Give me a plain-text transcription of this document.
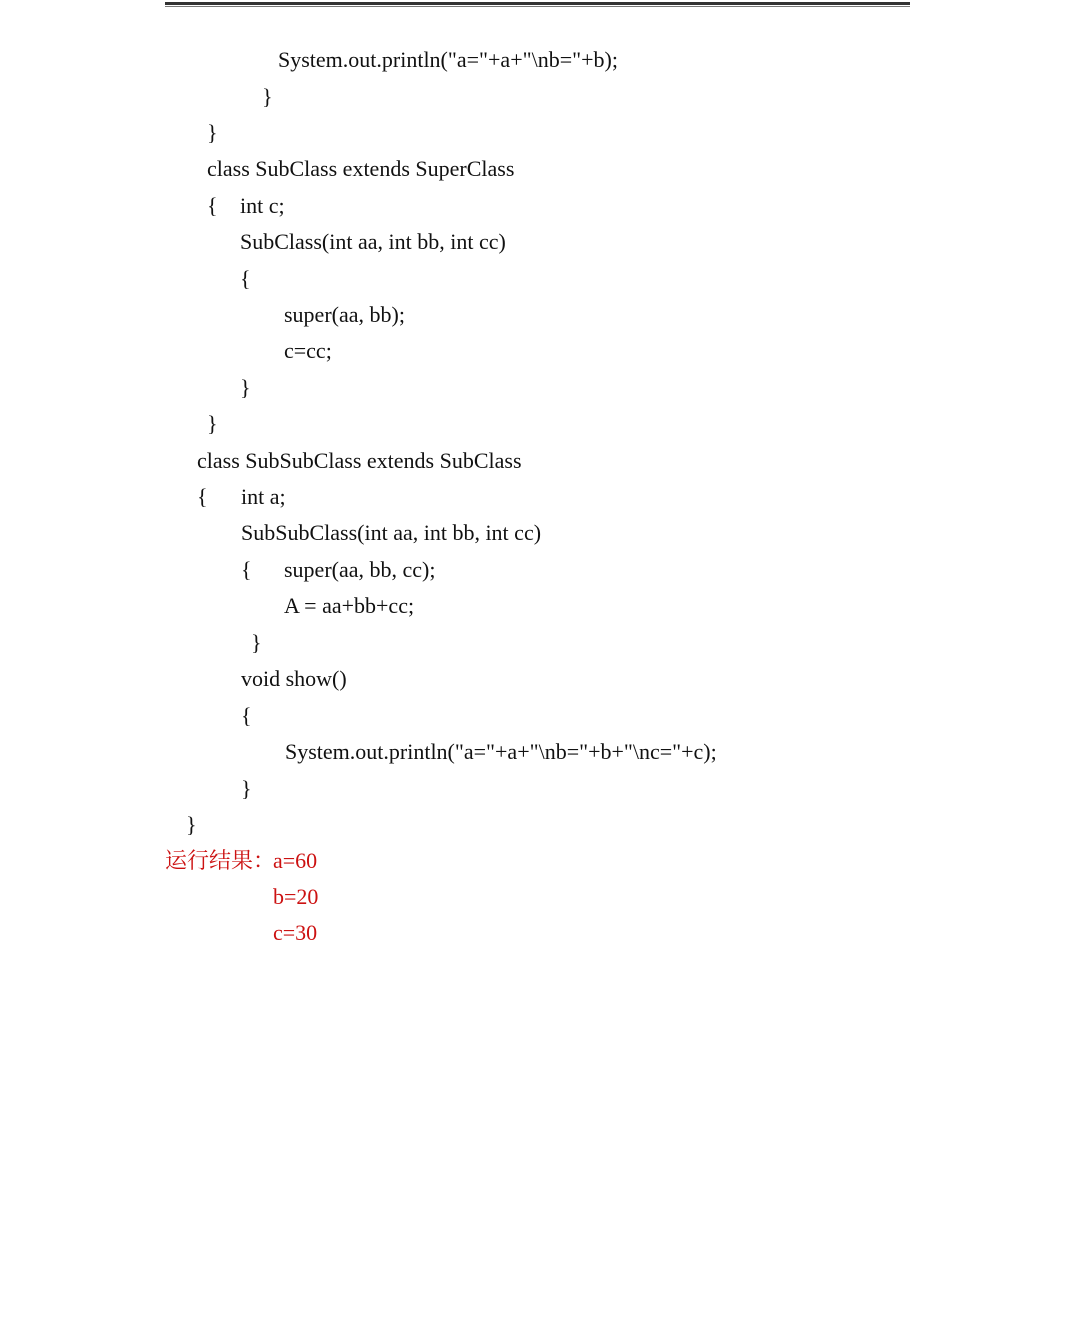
System.out.println("a="+a+"\nb="+b);
}
}
class SubClass extends SuperClass
{ int c;
SubClass(int aa, int bb, int cc)
{
super(aa, bb);
c=cc;
}
}
class SubSubClass extends SubClass
{ int a;
SubSubClass(int aa, int bb, int cc)
{ super(aa, bb, cc);
A = aa+bb+cc;
}
void show()
{
System.out.println("a="+a+"\nb="+b+"\nc="+c);
}
}
运行结果：
a=60
b=20
c=30
